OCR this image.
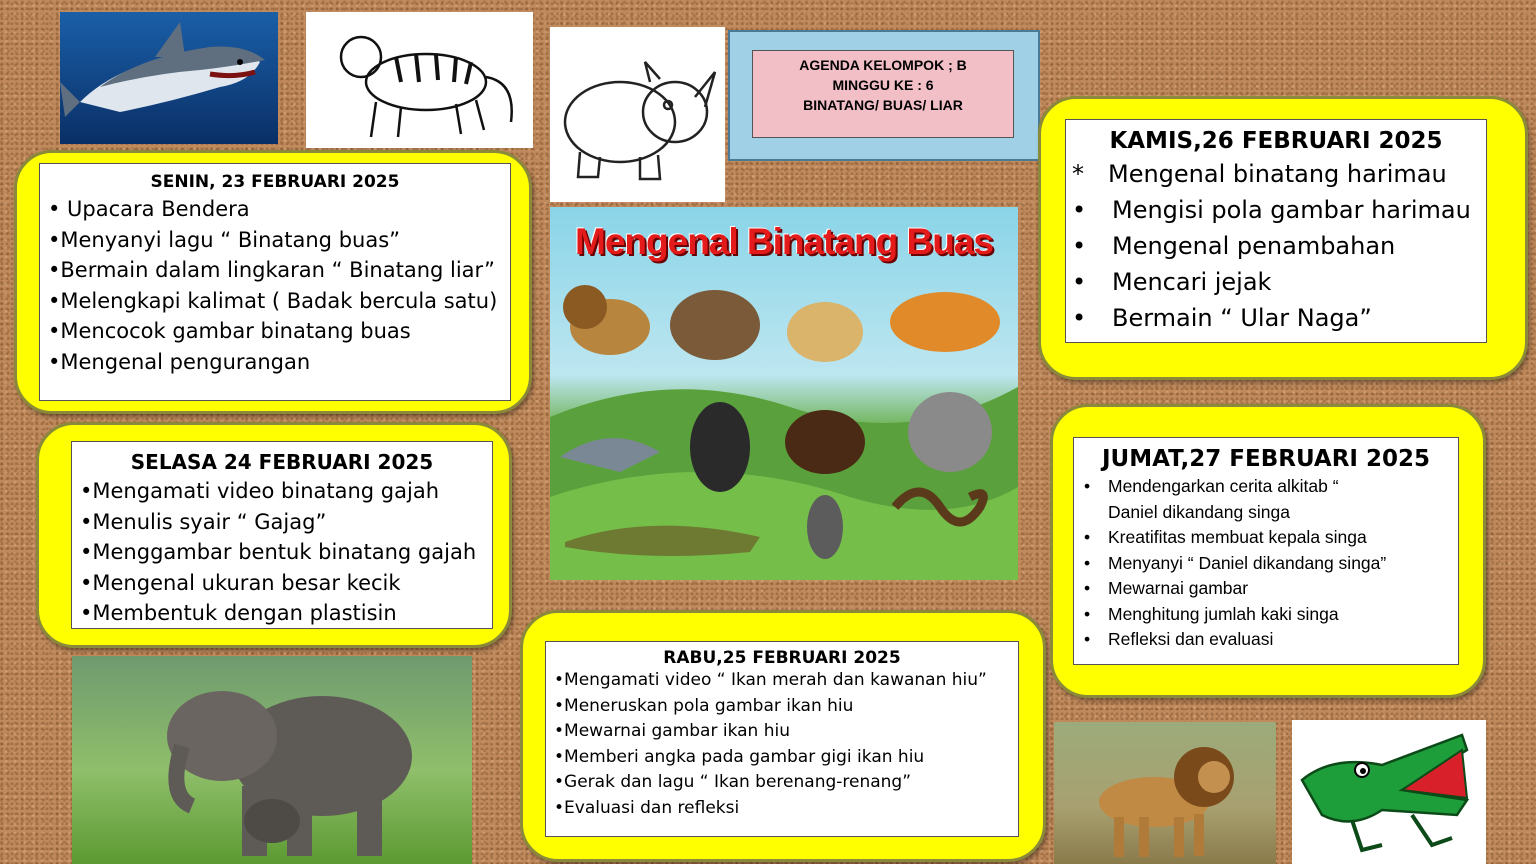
AGENDA KELOMPOK ; B
MINGGU KE : 6
BINATANG/ BUAS/ LIAR
Mengenal Binatang Buas

SENIN, 23 FEBRUARI 2025

• Upacara Bendera
•Menyanyi lagu “ Binatang buas”
•Bermain dalam lingkaran “ Binatang liar”
•Melengkapi kalimat ( Badak bercula satu)
•Mencocok gambar binatang buas
•Mengenal pengurangan

SELASA 24 FEBRUARI 2025

•Mengamati video binatang gajah
•Menulis syair “ Gajag”
•Menggambar bentuk binatang gajah
•Mengenal ukuran besar kecik
•Membentuk dengan plastisin

RABU,25 FEBRUARI 2025

•Mengamati video “ Ikan merah dan kawanan hiu”
•Meneruskan pola gambar ikan hiu
•Mewarnai gambar ikan hiu
•Memberi angka pada gambar gigi ikan hiu
•Gerak dan lagu “ Ikan berenang-renang”
•Evaluasi dan refleksi

KAMIS,26 FEBRUARI 2025

* Mengenal binatang harimau
• Mengisi pola gambar harimau
• Mengenal penambahan
• Mencari jejak
• Bermain “ Ular Naga”

JUMAT,27 FEBRUARI 2025

• Mendengarkan cerita alkitab “
Daniel dikandang singa
• Kreatifitas membuat kepala singa
• Menyanyi “ Daniel dikandang singa”
• Mewarnai gambar
• Menghitung jumlah kaki singa
• Refleksi dan evaluasi
